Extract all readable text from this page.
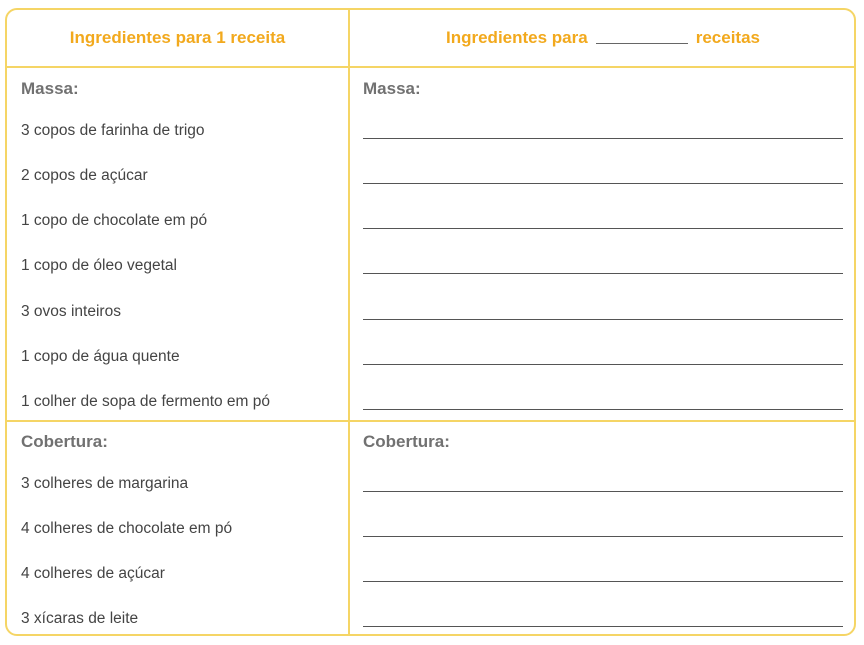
Ingredientes para 1 receita	Ingredientes para	receitas
Massa:	Massa:
3 copos de farinha de trigo
2 copos de açúcar
1 copo de chocolate em pó
1 copo de óleo vegetal
3 ovos inteiros
1 copo de água quente
1 colher de sopa de fermento em pó
Cobertura:	Cobertura:
3 colheres de margarina
4 colheres de chocolate em pó
4 colheres de açúcar
3 xícaras de leite
